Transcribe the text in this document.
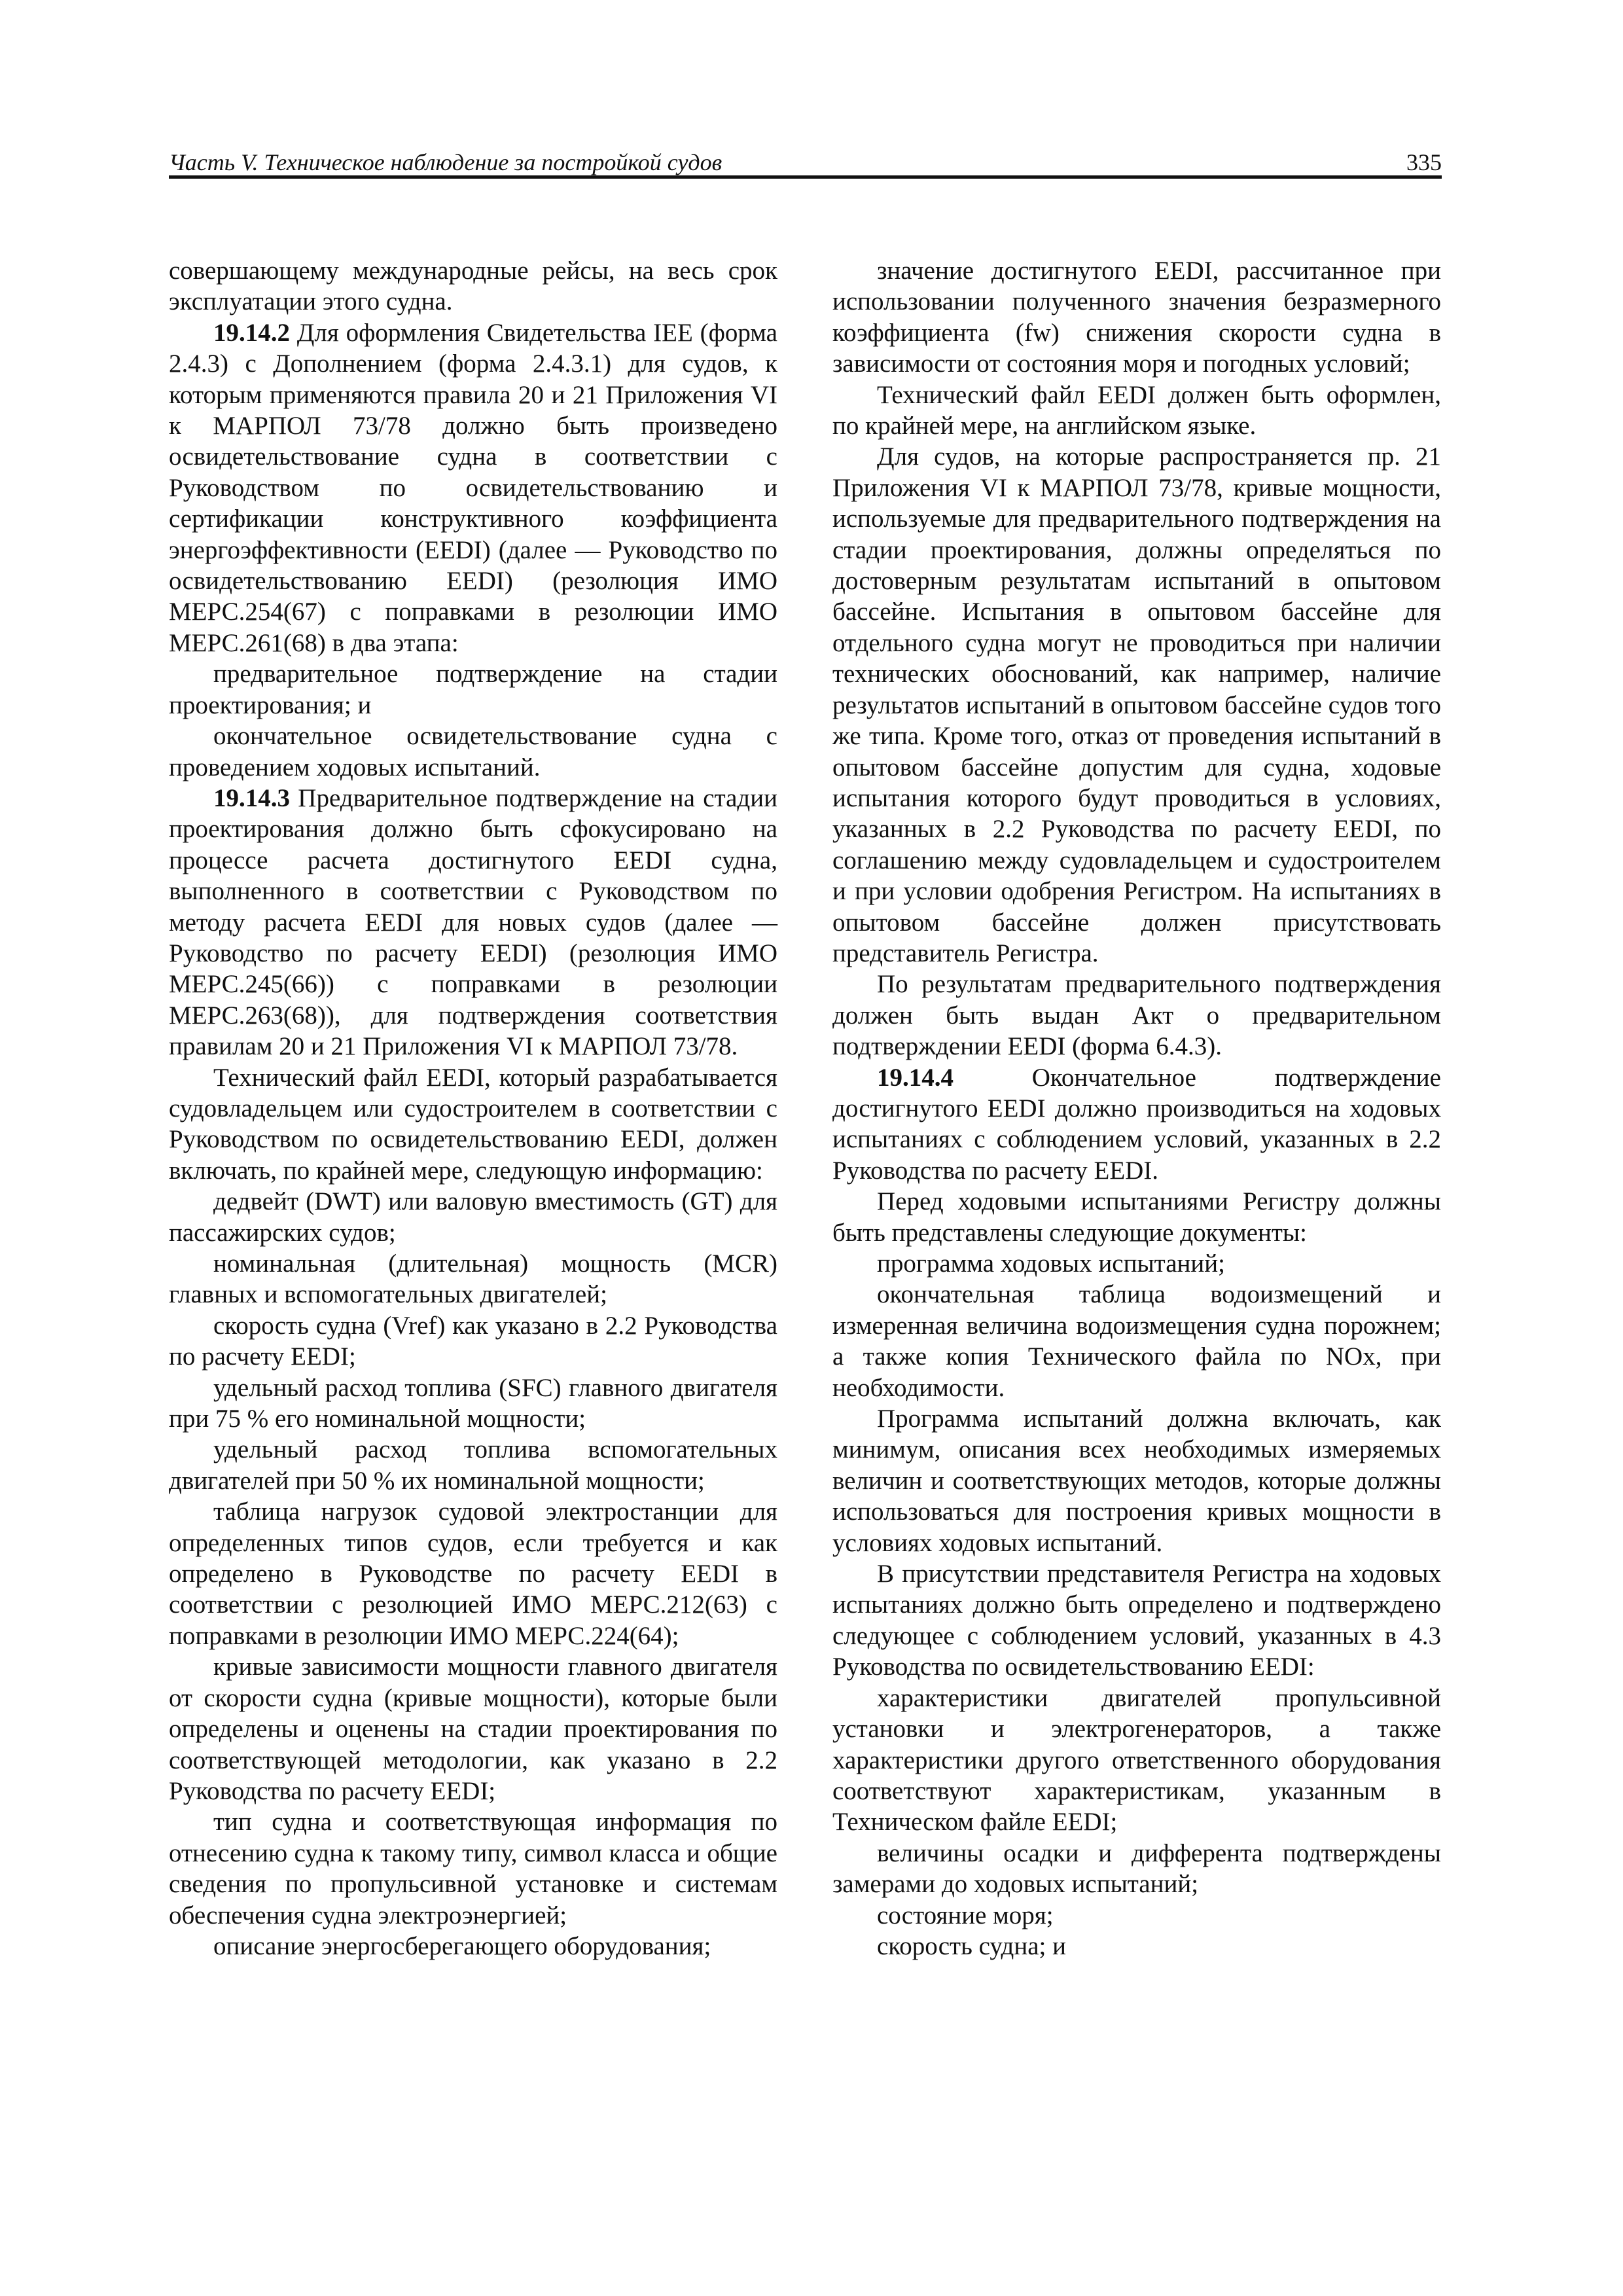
Часть V. Техническое наблюдение за постройкой судов	335

совершающему международные рейсы, на весь срок эксплуатации этого судна.

19.14.2 Для оформления Свидетельства IEE (форма 2.4.3) с Дополнением (форма 2.4.3.1) для судов, к которым применяются правила 20 и 21 Приложения VI к МАРПОЛ 73/78 должно быть произведено освидетельствование судна в соответствии с Руководством по освидетельствованию и сертификации конструктивного коэффициента энергоэффективности (EEDI) (далее — Руководство по освидетельствованию EEDI) (резолюция ИМО МЕРС.254(67) с поправками в резолюции ИМО МЕРС.261(68) в два этапа:

предварительное подтверждение на стадии проектирования; и

окончательное освидетельствование судна с проведением ходовых испытаний.

19.14.3 Предварительное подтверждение на стадии проектирования должно быть сфокусировано на процессе расчета достигнутого EEDI судна, выполненного в соответствии с Руководством по методу расчета EEDI для новых судов (далее — Руководство по расчету EEDI) (резолюция ИМО МЕРС.245(66)) с поправками в резолюции МЕРС.263(68)), для подтверждения соответствия правилам 20 и 21 Приложения VI к МАРПОЛ 73/78.

Технический файл EEDI, который разрабатывается судовладельцем или судостроителем в соответствии с Руководством по освидетельствованию EEDI, должен включать, по крайней мере, следующую информацию:

дедвейт (DWT) или валовую вместимость (GT) для пассажирских судов;

номинальная (длительная) мощность (MCR) главных и вспомогательных двигателей;

скорость судна (Vref) как указано в 2.2 Руководства по расчету EEDI;

удельный расход топлива (SFC) главного двигателя при 75 % его номинальной мощности;

удельный расход топлива вспомогательных двигателей при 50 % их номинальной мощности;

таблица нагрузок судовой электростанции для определенных типов судов, если требуется и как определено в Руководстве по расчету EEDI в соответствии с резолюцией ИМО МЕРС.212(63) с поправками в резолюции ИМО МЕРС.224(64);

кривые зависимости мощности главного двигателя от скорости судна (кривые мощности), которые были определены и оценены на стадии проектирования по соответствующей методологии, как указано в 2.2 Руководства по расчету EEDI;

тип судна и соответствующая информация по отнесению судна к такому типу, символ класса и общие сведения по пропульсивной установке и системам обеспечения судна электроэнергией;

описание энергосберегающего оборудования;

значение достигнутого EEDI, рассчитанное при использовании полученного значения безразмерного коэффициента (fw) снижения скорости судна в зависимости от состояния моря и погодных условий;

Технический файл EEDI должен быть оформлен, по крайней мере, на английском языке.

Для судов, на которые распространяется пр. 21 Приложения VI к МАРПОЛ 73/78, кривые мощности, используемые для предварительного подтверждения на стадии проектирования, должны определяться по достоверным результатам испытаний в опытовом бассейне. Испытания в опытовом бассейне для отдельного судна могут не проводиться при наличии технических обоснований, как например, наличие результатов испытаний в опытовом бассейне судов того же типа. Кроме того, отказ от проведения испытаний в опытовом бассейне допустим для судна, ходовые испытания которого будут проводиться в условиях, указанных в 2.2 Руководства по расчету EEDI, по соглашению между судовладельцем и судостроителем и при условии одобрения Регистром. На испытаниях в опытовом бассейне должен присутствовать представитель Регистра.

По результатам предварительного подтверждения должен быть выдан Акт о предварительном подтверждении EEDI (форма 6.4.3).

19.14.4 Окончательное подтверждение достигнутого EEDI должно производиться на ходовых испытаниях с соблюдением условий, указанных в 2.2 Руководства по расчету EEDI.

Перед ходовыми испытаниями Регистру должны быть представлены следующие документы:

программа ходовых испытаний;

окончательная таблица водоизмещений и измеренная величина водоизмещения судна порожнем; а также копия Технического файла по NOx, при необходимости.

Программа испытаний должна включать, как минимум, описания всех необходимых измеряемых величин и соответствующих методов, которые должны использоваться для построения кривых мощности в условиях ходовых испытаний.

В присутствии представителя Регистра на ходовых испытаниях должно быть определено и подтверждено следующее с соблюдением условий, указанных в 4.3 Руководства по освидетельствованию EEDI:

характеристики двигателей пропульсивной установки и электрогенераторов, а также характеристики другого ответственного оборудования соответствуют характеристикам, указанным в Техническом файле EEDI;

величины осадки и дифферента подтверждены замерами до ходовых испытаний;

состояние моря;

скорость судна; и
